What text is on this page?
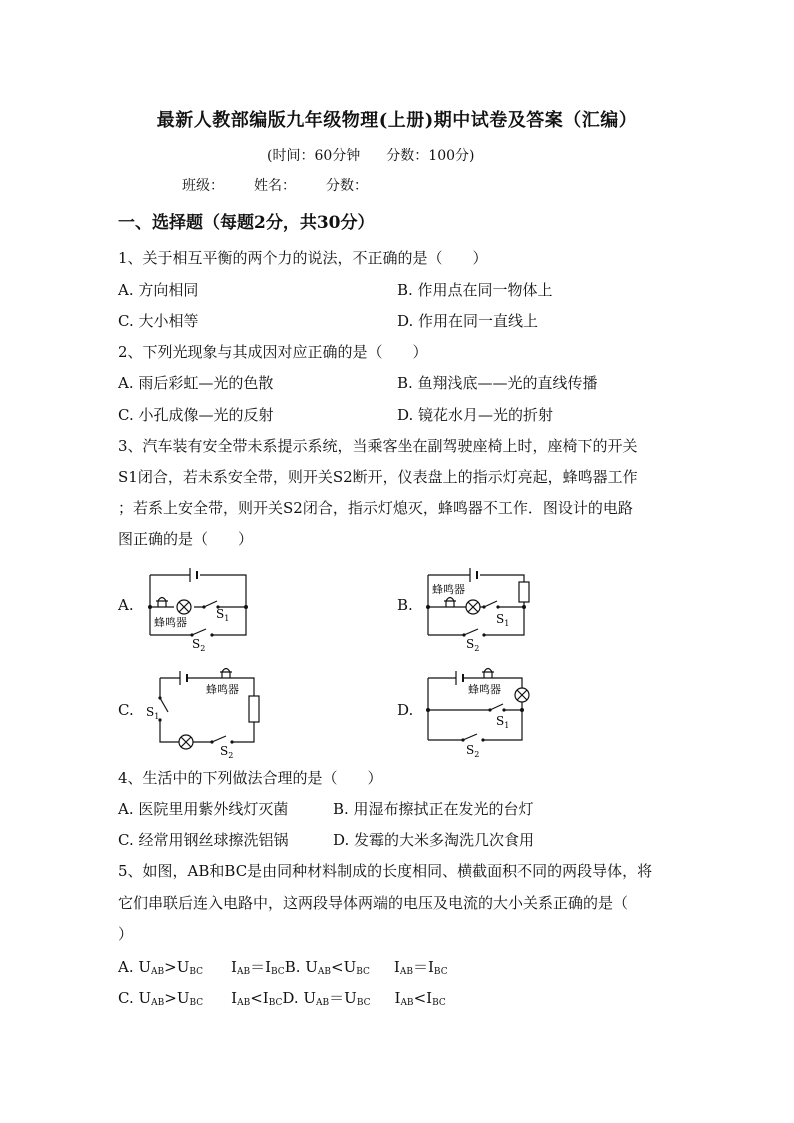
最新人教部编版九年级物理(上册)期中试卷及答案（汇编）
(时间：60分钟 分数：100分)
班级： 姓名： 分数：
一、选择题（每题2分，共30分）
1、关于相互平衡的两个力的说法，不正确的是（　　）
A. 方向相同	B. 作用点在同一物体上
C. 大小相等	D. 作用在同一直线上
2、下列光现象与其成因对应正确的是（　　）
A. 雨后彩虹—光的色散	B. 鱼翔浅底——光的直线传播
C. 小孔成像—光的反射	D. 镜花水月—光的折射
3、汽车装有安全带未系提示系统，当乘客坐在副驾驶座椅上时，座椅下的开关
S1闭合，若未系安全带，则开关S2断开，仪表盘上的指示灯亮起，蜂鸣器工作
；若系上安全带，则开关S2闭合，指示灯熄灭，蜂鸣器不工作．图设计的电路
图正确的是（　　）
A.	B.
C.	D.
蜂鸣器
$S_1$
$S_2$
蜂鸣器
$S_1$
$S_2$
蜂鸣器
$S_1$
$S_2$
蜂鸣器
$S_1$
$S_2$
4、生活中的下列做法合理的是（　　）
A. 医院里用紫外线灯灭菌	B. 用湿布擦拭正在发光的台灯
C. 经常用钢丝球擦洗铝锅	D. 发霉的大米多淘洗几次食用
5、如图，AB和BC是由同种材料制成的长度相同、横截面积不同的两段导体，将
它们串联后连入电路中，这两段导体两端的电压及电流的大小关系正确的是（
）
A. $U_{AB}>U_{BC}$ $I_{AB}=I_{BC}B$. $U_{AB}<U_{BC}$ $I_{AB}=I_{BC}$
C. $U_{AB}>U_{BC}$ $I_{AB}<I_{BC}D$. $U_{AB}=U_{BC}$ $I_{AB}<I_{BC}$
